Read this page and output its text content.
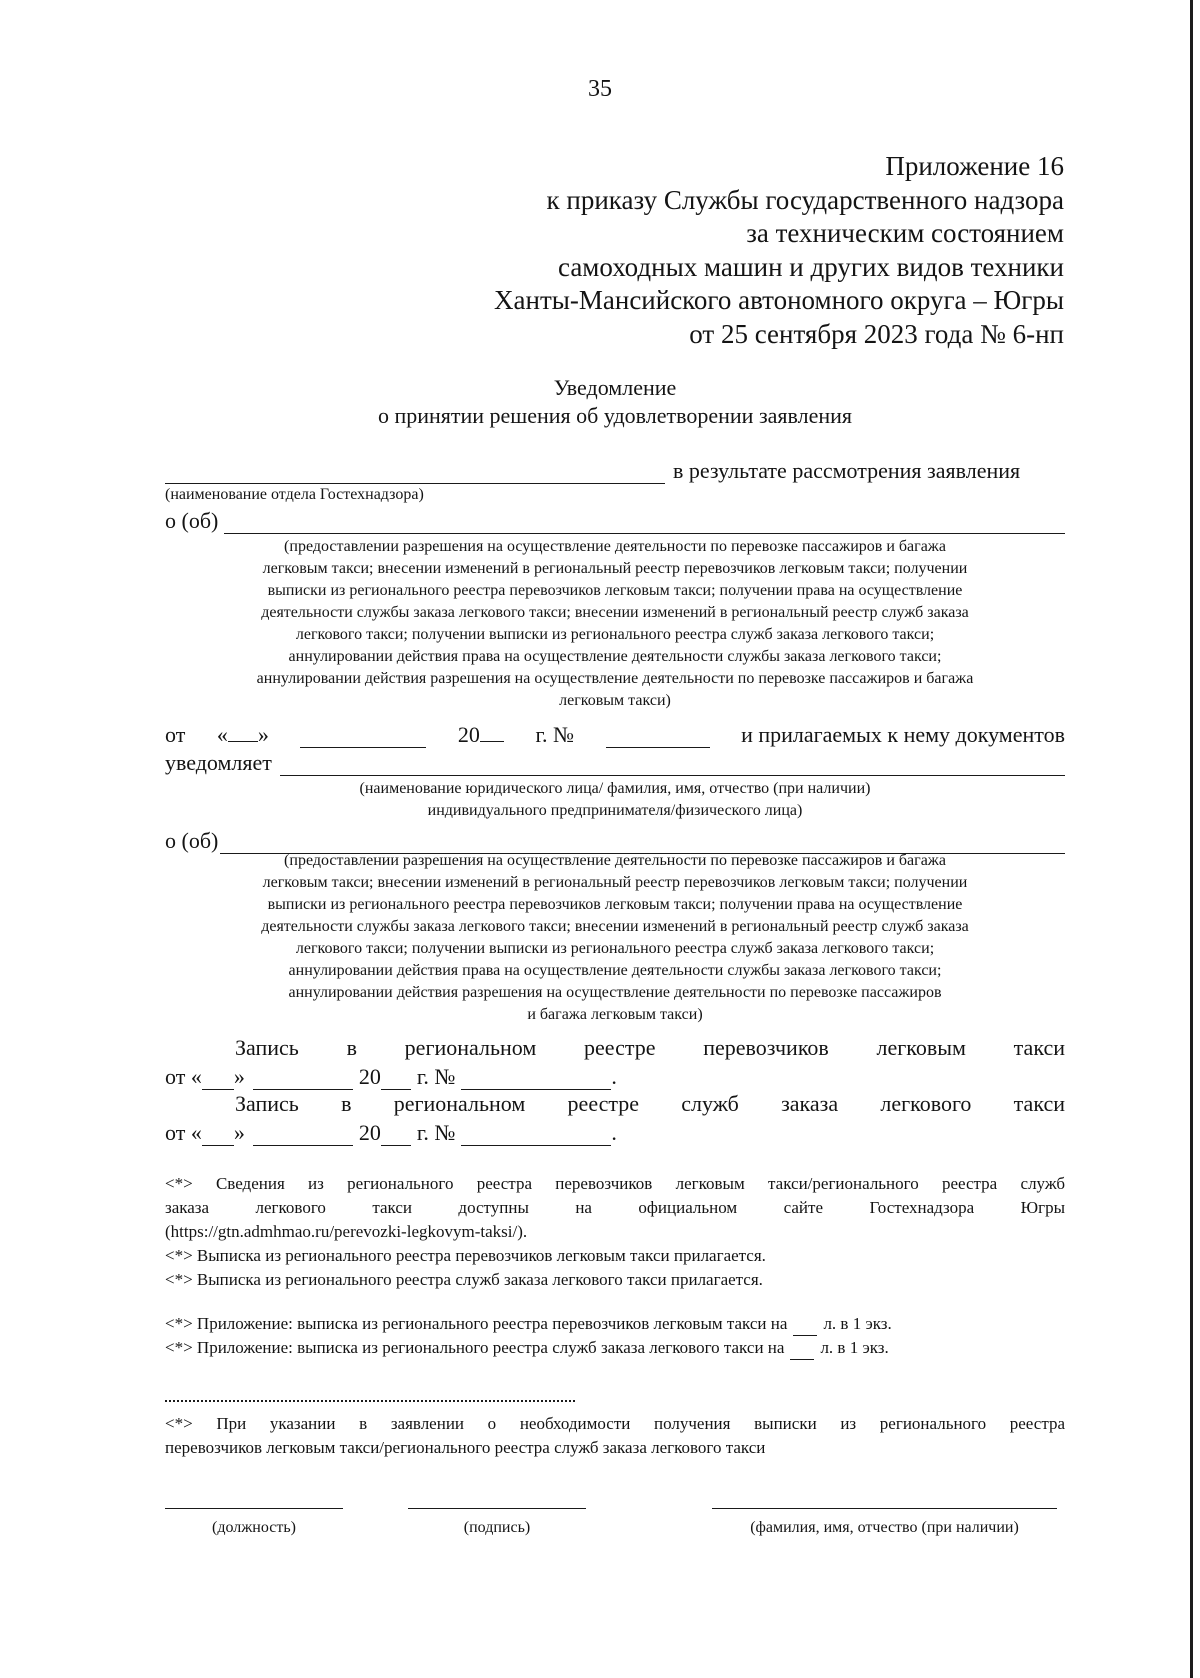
35
Приложение 16
к приказу Службы государственного надзора
за техническим состоянием
самоходных машин и других видов техники
Ханты-Мансийского автономного округа – Югры
от 25 сентября 2023 года № 6-нп
Уведомление
о принятии решения об удовлетворении заявления
в результате рассмотрения заявления
(наименование отдела Гостехнадзора)
о (об)
(предоставлении разрешения на осуществление деятельности по перевозке пассажиров и багажа
легковым такси; внесении изменений в региональный реестр перевозчиков легковым такси; получении
выписки из регионального реестра перевозчиков легковым такси; получении права на осуществление
деятельности службы заказа легкового такси; внесении изменений в региональный реестр служб заказа
легкового такси; получении выписки из регионального реестра служб заказа легкового такси;
аннулировании действия права на осуществление деятельности службы заказа легкового такси;
аннулировании действия разрешения на осуществление деятельности по перевозке пассажиров и багажа
легковым такси)
от « »	20	г. №	и прилагаемых к нему документов
уведомляет
(наименование юридического лица/ фамилия, имя, отчество (при наличии)
индивидуального предпринимателя/физического лица)
о (об)
(предоставлении разрешения на осуществление деятельности по перевозке пассажиров и багажа
легковым такси; внесении изменений в региональный реестр перевозчиков легковым такси; получении
выписки из регионального реестра перевозчиков легковым такси; получении права на осуществление
деятельности службы заказа легкового такси; внесении изменений в региональный реестр служб заказа
легкового такси; получении выписки из регионального реестра служб заказа легкового такси;
аннулировании действия права на осуществление деятельности службы заказа легкового такси;
аннулировании действия разрешения на осуществление деятельности по перевозке пассажиров
и багажа легковым такси)
Запись в региональном реестре перевозчиков легковым такси
от « »	20 г. №	.
Запись в региональном реестре служб заказа легкового такси
от « »	20 г. №	.
<*> Сведения из регионального реестра перевозчиков легковым такси/регионального реестра служб
заказа легкового такси доступны на официальном сайте Гостехнадзора Югры
(https://gtn.admhmao.ru/perevozki-legkovym-taksi/).
<*> Выписка из регионального реестра перевозчиков легковым такси прилагается.
<*> Выписка из регионального реестра служб заказа легкового такси прилагается.
<*> Приложение: выписка из регионального реестра перевозчиков легковым такси на л. в 1 экз.
<*> Приложение: выписка из регионального реестра служб заказа легкового такси на л. в 1 экз.
<*> При указании в заявлении о необходимости получения выписки из регионального реестра
перевозчиков легковым такси/регионального реестра служб заказа легкового такси
(должность)	(подпись)	(фамилия, имя, отчество (при наличии)
